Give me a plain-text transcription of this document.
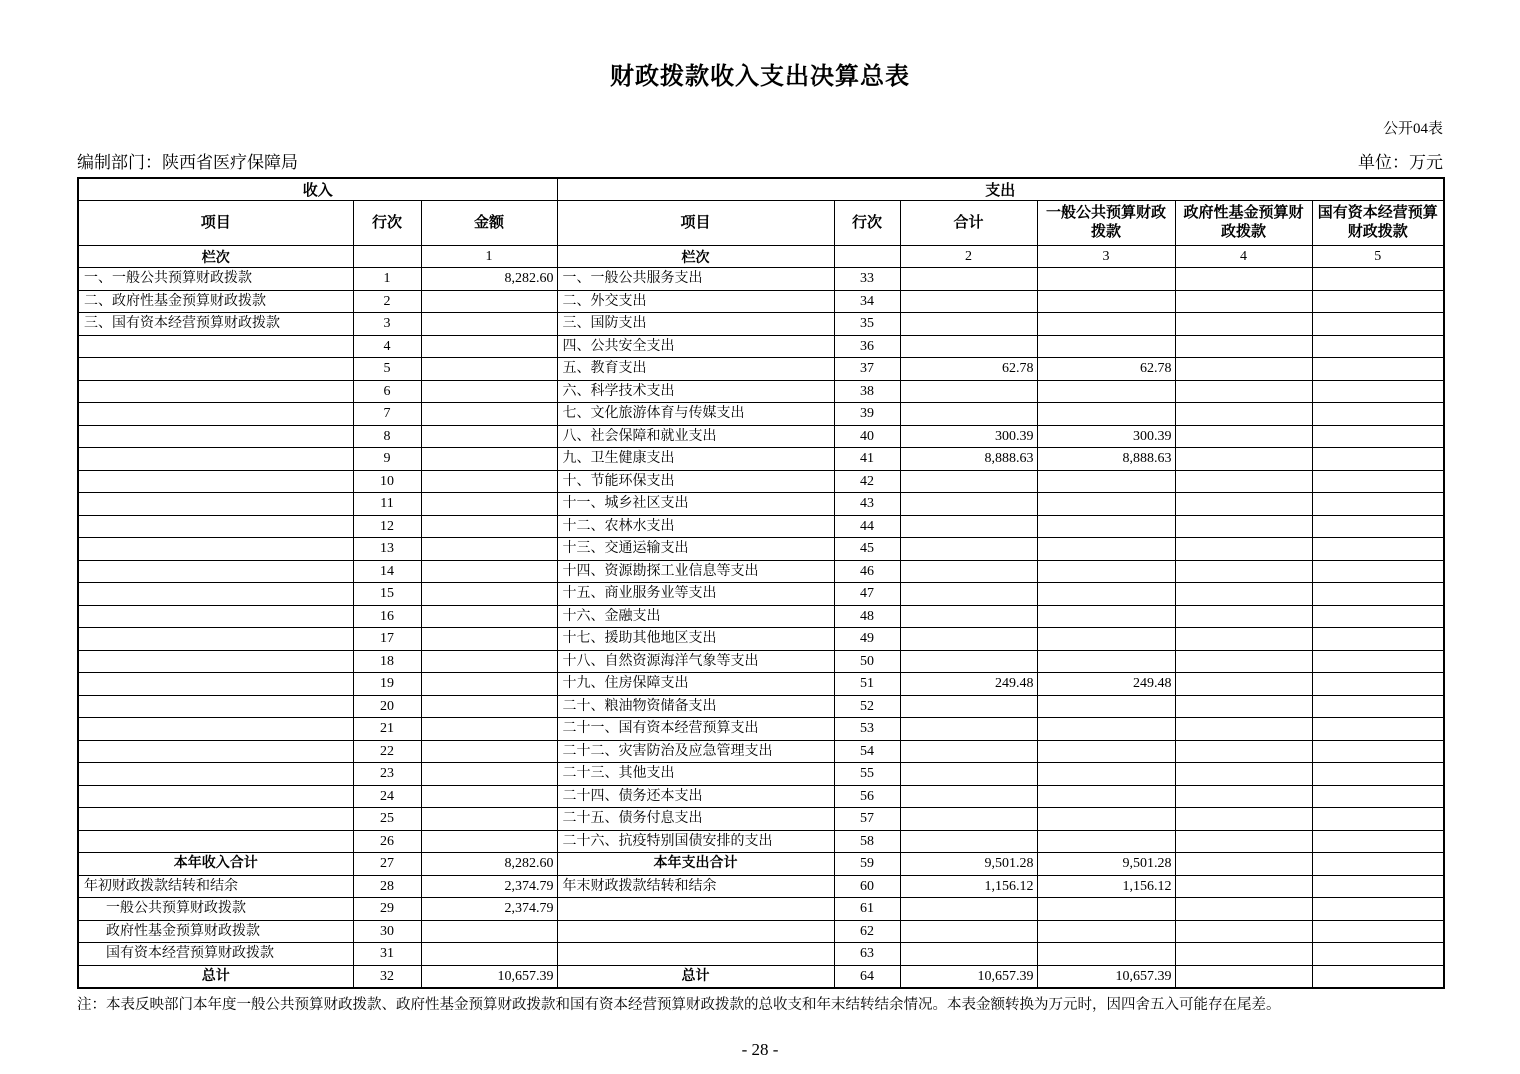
财政拨款收入支出决算总表
公开04表
编制部门：陕西省医疗保障局	单位：万元
收入			支出					
项目	行次	金额	项目	行次	合计	一般公共预算财政拨款	政府性基金预算财政拨款	国有资本经营预算财政拨款
栏次		1	栏次		2	3	4	5
一、一般公共预算财政拨款	1	8,282.60	一、一般公共服务支出	33				
二、政府性基金预算财政拨款	2		二、外交支出	34				
三、国有资本经营预算财政拨款	3		三、国防支出	35				
	4		四、公共安全支出	36				
	5		五、教育支出	37	62.78	62.78		
	6		六、科学技术支出	38				
	7		七、文化旅游体育与传媒支出	39				
	8		八、社会保障和就业支出	40	300.39	300.39		
	9		九、卫生健康支出	41	8,888.63	8,888.63		
	10		十、节能环保支出	42				
	11		十一、城乡社区支出	43				
	12		十二、农林水支出	44				
	13		十三、交通运输支出	45				
	14		十四、资源勘探工业信息等支出	46				
	15		十五、商业服务业等支出	47				
	16		十六、金融支出	48				
	17		十七、援助其他地区支出	49				
	18		十八、自然资源海洋气象等支出	50				
	19		十九、住房保障支出	51	249.48	249.48		
	20		二十、粮油物资储备支出	52				
	21		二十一、国有资本经营预算支出	53				
	22		二十二、灾害防治及应急管理支出	54				
	23		二十三、其他支出	55				
	24		二十四、债务还本支出	56				
	25		二十五、债务付息支出	57				
	26		二十六、抗疫特别国债安排的支出	58				
本年收入合计	27	8,282.60	本年支出合计	59	9,501.28	9,501.28		
年初财政拨款结转和结余	28	2,374.79	年末财政拨款结转和结余	60	1,156.12	1,156.12		
一般公共预算财政拨款	29	2,374.79		61				
政府性基金预算财政拨款	30			62				
国有资本经营预算财政拨款	31			63				
总计	32	10,657.39	总计	64	10,657.39	10,657.39		
注：本表反映部门本年度一般公共预算财政拨款、政府性基金预算财政拨款和国有资本经营预算财政拨款的总收支和年末结转结余情况。本表金额转换为万元时，因四舍五入可能存在尾差。
- 28 -
